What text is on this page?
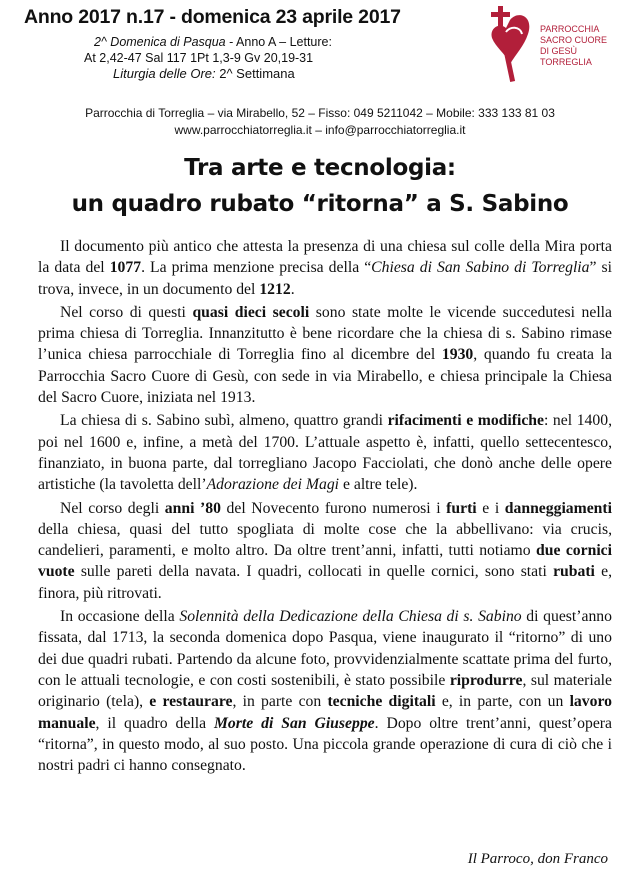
Anno 2017 n.17 - domenica 23 aprile 2017
2^ Domenica di Pasqua - Anno A – Letture:
At 2,42-47 Sal 117 1Pt 1,3-9 Gv 20,19-31
Liturgia delle Ore: 2^ Settimana
PARROCCHIA
SACRO CUORE
DI GESÙ
TORREGLIA
Parrocchia di Torreglia – via Mirabello, 52 – Fisso: 049 5211042 – Mobile: 333 133 81 03
www.parrocchiatorreglia.it – info@parrocchiatorreglia.it
Tra arte e tecnologia:
un quadro rubato “ritorna” a S. Sabino

Il documento più antico che attesta la presenza di una chiesa sul colle della Mira porta la data del 1077. La prima menzione precisa della “Chiesa di San Sabino di Torreglia” si trova, invece, in un documento del 1212.

Nel corso di questi quasi dieci secoli sono state molte le vicende succedutesi nella prima chiesa di Torreglia. Innanzitutto è bene ricordare che la chiesa di s. Sabino rimase l’unica chiesa parrocchiale di Torreglia fino al dicembre del 1930, quando fu creata la Parrocchia Sacro Cuore di Gesù, con sede in via Mirabello, e chiesa principale la Chiesa del Sacro Cuore, iniziata nel 1913.

La chiesa di s. Sabino subì, almeno, quattro grandi rifacimenti e modifiche: nel 1400, poi nel 1600 e, infine, a metà del 1700. L’attuale aspetto è, infatti, quello settecentesco, finanziato, in buona parte, dal torregliano Jacopo Facciolati, che donò anche delle opere artistiche (la tavoletta dell’Adorazione dei Magi e altre tele).

Nel corso degli anni ’80 del Novecento furono numerosi i furti e i danneggiamenti della chiesa, quasi del tutto spogliata di molte cose che la abbellivano: via crucis, candelieri, paramenti, e molto altro. Da oltre trent’anni, infatti, tutti notiamo due cornici vuote sulle pareti della navata. I quadri, collocati in quelle cornici, sono stati rubati e, finora, più ritrovati.

In occasione della Solennità della Dedicazione della Chiesa di s. Sabino di quest’anno fissata, dal 1713, la seconda domenica dopo Pasqua, viene inaugurato il “ritorno” di uno dei due quadri rubati. Partendo da alcune foto, provvidenzialmente scattate prima del furto, con le attuali tecnologie, e con costi sostenibili, è stato possibile riprodurre, sul materiale originario (tela), e restaurare, in parte con tecniche digitali e, in parte, con un lavoro manuale, il quadro della Morte di San Giuseppe. Dopo oltre trent’anni, quest’opera “ritorna”, in questo modo, al suo posto. Una piccola grande operazione di cura di ciò che i nostri padri ci hanno consegnato.

Il Parroco, don Franco
